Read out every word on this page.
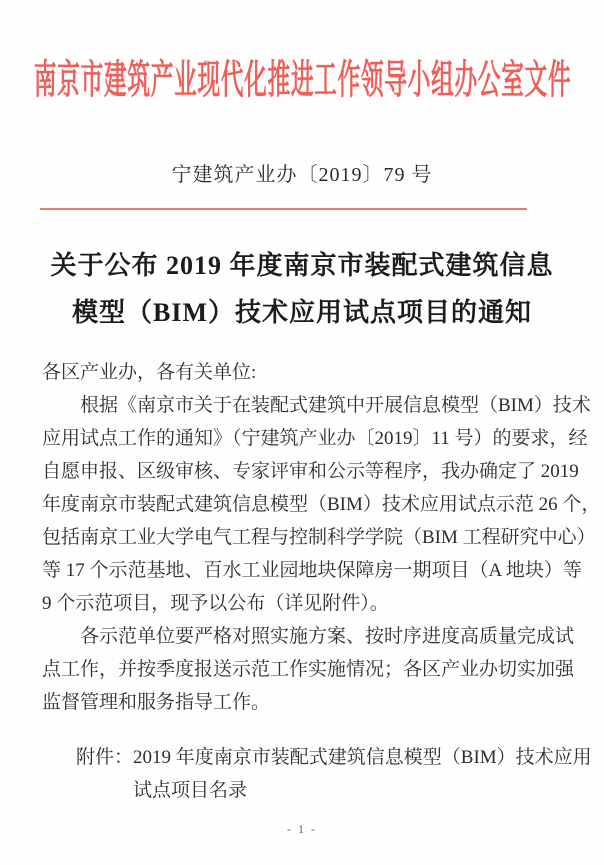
南京市建筑产业现代化推进工作领导小组办公室文件
宁建筑产业办〔2019〕79 号
关于公布 2019 年度南京市装配式建筑信息
模型（BIM）技术应用试点项目的通知
各区产业办，各有关单位:
根据《南京市关于在装配式建筑中开展信息模型（BIM）技术
应用试点工作的通知》（宁建筑产业办〔2019〕11 号）的要求，经
自愿申报、区级审核、专家评审和公示等程序，我办确定了 2019
年度南京市装配式建筑信息模型（BIM）技术应用试点示范 26 个，
包括南京工业大学电气工程与控制科学学院（BIM 工程研究中心）
等 17 个示范基地、百水工业园地块保障房一期项目（A 地块）等
9 个示范项目，现予以公布（详见附件）。
各示范单位要严格对照实施方案、按时序进度高质量完成试
点工作，并按季度报送示范工作实施情况；各区产业办切实加强
监督管理和服务指导工作。
附件： 2019 年度南京市装配式建筑信息模型（BIM）技术应用
试点项目名录
- 1 -
